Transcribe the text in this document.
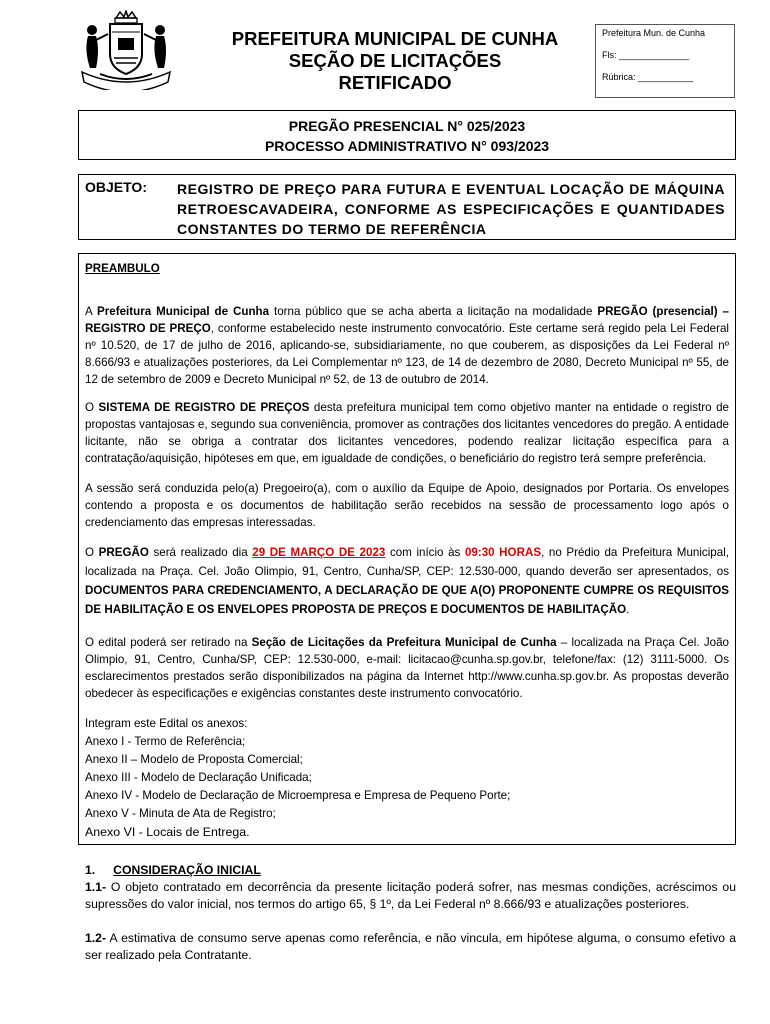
PREFEITURA MUNICIPAL DE CUNHA
SEÇÃO DE LICITAÇÕES
RETIFICADO
Prefeitura Mun. de Cunha
Fls: ______________
Rúbrica: ___________
PREGÃO PRESENCIAL N° 025/2023
PROCESSO ADMINISTRATIVO N° 093/2023
OBJETO: REGISTRO DE PREÇO PARA FUTURA E EVENTUAL LOCAÇÃO DE MÁQUINA RETROESCAVADEIRA, CONFORME AS ESPECIFICAÇÕES E QUANTIDADES CONSTANTES DO TERMO DE REFERÊNCIA
PREAMBULO
A Prefeitura Municipal de Cunha torna público que se acha aberta a licitação na modalidade PREGÃO (presencial) – REGISTRO DE PREÇO, conforme estabelecido neste instrumento convocatório. Este certame será regido pela Lei Federal nº 10.520, de 17 de julho de 2016, aplicando-se, subsidiariamente, no que couberem, as disposições da Lei Federal nº 8.666/93 e atualizações posteriores, da Lei Complementar nº 123, de 14 de dezembro de 2080, Decreto Municipal nº 55, de 12 de setembro de 2009 e Decreto Municipal nº 52, de 13 de outubro de 2014.
O SISTEMA DE REGISTRO DE PREÇOS desta prefeitura municipal tem como objetivo manter na entidade o registro de propostas vantajosas e, segundo sua conveniência, promover as contrações dos licitantes vencedores do pregão. A entidade licitante, não se obriga a contratar dos licitantes vencedores, podendo realizar licitação específica para a contratação/aquisição, hipóteses em que, em igualdade de condições, o beneficiário do registro terá sempre preferência.
A sessão será conduzida pelo(a) Pregoeiro(a), com o auxílio da Equipe de Apoio, designados por Portaria. Os envelopes contendo a proposta e os documentos de habilitação serão recebidos na sessão de processamento logo após o credenciamento das empresas interessadas.
O PREGÃO será realizado dia 29 DE MARÇO DE 2023 com início às 09:30 HORAS, no Prédio da Prefeitura Municipal, localizada na Praça. Cel. João Olimpio, 91, Centro, Cunha/SP, CEP: 12.530-000, quando deverão ser apresentados, os DOCUMENTOS PARA CREDENCIAMENTO, A DECLARAÇÃO DE QUE A(O) PROPONENTE CUMPRE OS REQUISITOS DE HABILITAÇÃO E OS ENVELOPES PROPOSTA DE PREÇOS E DOCUMENTOS DE HABILITAÇÃO.
O edital poderá ser retirado na Seção de Licitações da Prefeitura Municipal de Cunha – localizada na Praça Cel. João Olimpio, 91, Centro, Cunha/SP, CEP: 12.530-000, e-mail: licitacao@cunha.sp.gov.br, telefone/fax: (12) 3111-5000. Os esclarecimentos prestados serão disponibilizados na página da Internet http://www.cunha.sp.gov.br. As propostas deverão obedecer às especificações e exigências constantes deste instrumento convocatório.
Integram este Edital os anexos:
Anexo I - Termo de Referência;
Anexo II – Modelo de Proposta Comercial;
Anexo III - Modelo de Declaração Unificada;
Anexo IV - Modelo de Declaração de Microempresa e Empresa de Pequeno Porte;
Anexo V - Minuta de Ata de Registro;
Anexo VI - Locais de Entrega.
1. CONSIDERAÇÃO INICIAL
1.1- O objeto contratado em decorrência da presente licitação poderá sofrer, nas mesmas condições, acréscimos ou supressões do valor inicial, nos termos do artigo 65, § 1º, da Lei Federal nº 8.666/93 e atualizações posteriores.
1.2- A estimativa de consumo serve apenas como referência, e não vincula, em hipótese alguma, o consumo efetivo a ser realizado pela Contratante.
